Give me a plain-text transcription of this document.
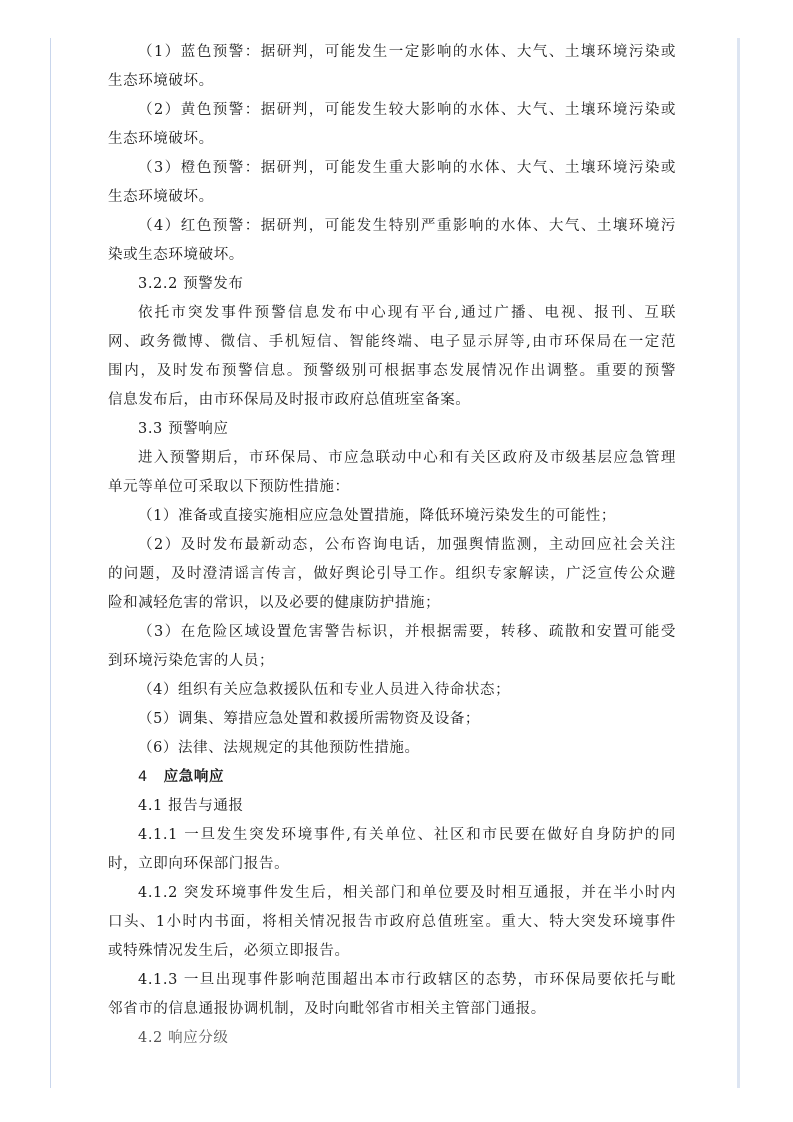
（1）蓝色预警：据研判，可能发生一定影响的水体、大气、土壤环境污染或
生态环境破坏。
（2）黄色预警：据研判，可能发生较大影响的水体、大气、土壤环境污染或
生态环境破坏。
（3）橙色预警：据研判，可能发生重大影响的水体、大气、土壤环境污染或
生态环境破坏。
（4）红色预警：据研判，可能发生特别严重影响的水体、大气、土壤环境污
染或生态环境破坏。
3.2.2 预警发布
依托市突发事件预警信息发布中心现有平台,通过广播、电视、报刊、互联
网、政务微博、微信、手机短信、智能终端、电子显示屏等,由市环保局在一定范
围内，及时发布预警信息。预警级别可根据事态发展情况作出调整。重要的预警
信息发布后，由市环保局及时报市政府总值班室备案。
3.3 预警响应
进入预警期后，市环保局、市应急联动中心和有关区政府及市级基层应急管理
单元等单位可采取以下预防性措施：
（1）准备或直接实施相应应急处置措施，降低环境污染发生的可能性；
（2）及时发布最新动态，公布咨询电话，加强舆情监测，主动回应社会关注
的问题，及时澄清谣言传言，做好舆论引导工作。组织专家解读，广泛宣传公众避
险和减轻危害的常识，以及必要的健康防护措施；
（3）在危险区域设置危害警告标识，并根据需要，转移、疏散和安置可能受
到环境污染危害的人员；
（4）组织有关应急救援队伍和专业人员进入待命状态；
（5）调集、筹措应急处置和救援所需物资及设备；
（6）法律、法规规定的其他预防性措施。
4 应急响应
4.1 报告与通报
4.1.1 一旦发生突发环境事件,有关单位、社区和市民要在做好自身防护的同
时，立即向环保部门报告。
4.1.2 突发环境事件发生后，相关部门和单位要及时相互通报，并在半小时内
口头、1小时内书面，将相关情况报告市政府总值班室。重大、特大突发环境事件
或特殊情况发生后，必须立即报告。
4.1.3 一旦出现事件影响范围超出本市行政辖区的态势，市环保局要依托与毗
邻省市的信息通报协调机制，及时向毗邻省市相关主管部门通报。
4.2 响应分级
